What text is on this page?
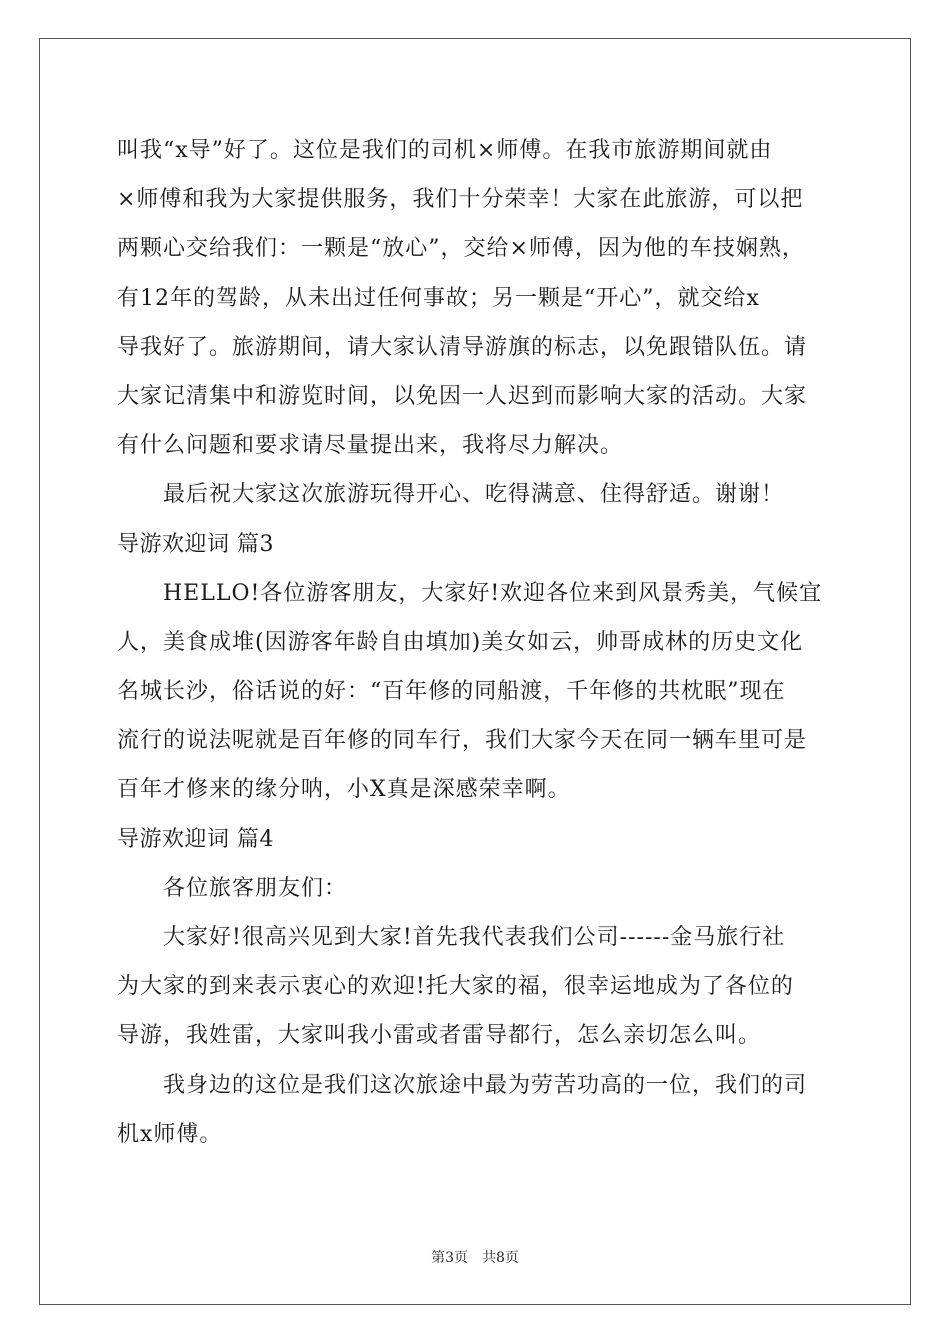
叫我“x导”好了。这位是我们的司机×师傅。在我市旅游期间就由
×师傅和我为大家提供服务，我们十分荣幸！大家在此旅游，可以把
两颗心交给我们：一颗是“放心”，交给×师傅，因为他的车技娴熟，
有12年的驾龄，从未出过任何事故；另一颗是“开心”，就交给x
导我好了。旅游期间，请大家认清导游旗的标志，以免跟错队伍。请
大家记清集中和游览时间，以免因一人迟到而影响大家的活动。大家
有什么问题和要求请尽量提出来，我将尽力解决。
最后祝大家这次旅游玩得开心、吃得满意、住得舒适。谢谢！
导游欢迎词 篇3
HELLO!各位游客朋友，大家好!欢迎各位来到风景秀美，气候宜
人，美食成堆(因游客年龄自由填加)美女如云，帅哥成林的历史文化
名城长沙，俗话说的好：“百年修的同船渡，千年修的共枕眠”现在
流行的说法呢就是百年修的同车行，我们大家今天在同一辆车里可是
百年才修来的缘分呐，小X真是深感荣幸啊。
导游欢迎词 篇4
各位旅客朋友们：
大家好!很高兴见到大家!首先我代表我们公司------金马旅行社
为大家的到来表示衷心的欢迎!托大家的福，很幸运地成为了各位的
导游，我姓雷，大家叫我小雷或者雷导都行，怎么亲切怎么叫。
我身边的这位是我们这次旅途中最为劳苦功高的一位，我们的司
机x师傅。
第3页 共8页
